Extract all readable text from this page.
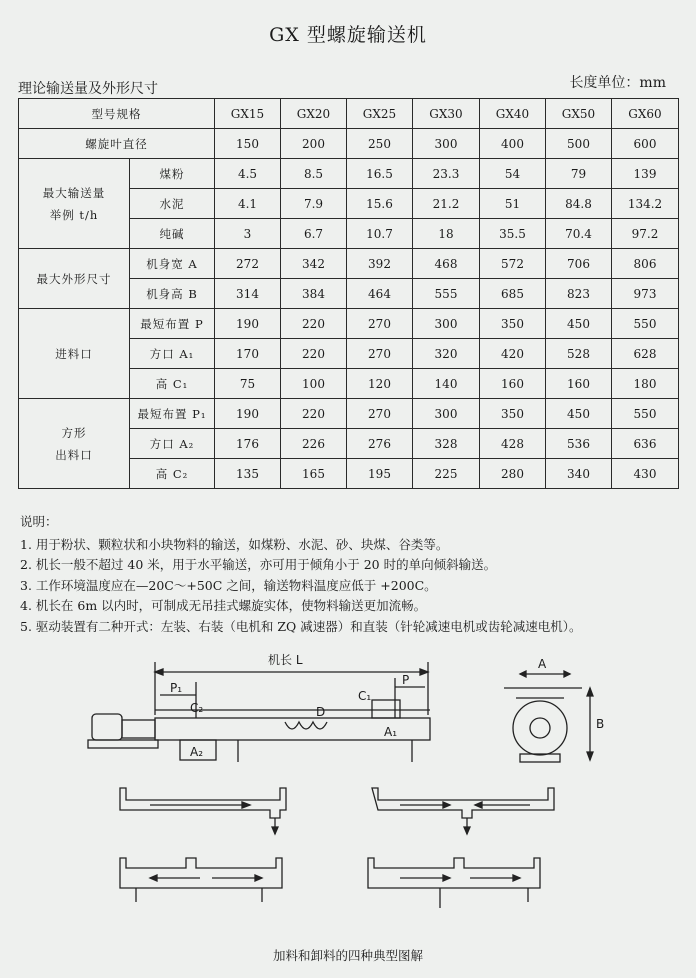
GX 型螺旋输送机
理论输送量及外形尺寸	长度单位：mm
型号规格		GX15	GX20	GX25	GX30	GX40	GX50	GX60
螺旋叶直径		150	200	250	300	400	500	600

最大输送量
举例 t/h	煤粉	4.5	8.5	16.5	23.3	54	79	139
	水泥	4.1	7.9	15.6	21.2	51	84.8	134.2
	纯碱	3	6.7	10.7	18	35.5	70.4	97.2

最大外形尺寸	机身宽 A	272	342	392	468	572	706	806
	机身高 B	314	384	464	555	685	823	973

进料口	最短布置 P	190	220	270	300	350	450	550
	方口 A₁	170	220	270	320	420	528	628
	高 C₁	75	100	120	140	160	160	180

方形
出料口	最短布置 P₁	190	220	270	300	350	450	550
	方口 A₂	176	226	276	328	428	536	636
	高 C₂	135	165	195	225	280	340	430
说明：
1. 用于粉状、颗粒状和小块物料的输送，如煤粉、水泥、砂、块煤、谷类等。
2. 机长一般不超过 40 米，用于水平输送，亦可用于倾角小于 20 时的单向倾斜输送。
3. 工作环境温度应在—20C～+50C 之间，输送物料温度应低于 +200C。
4. 机长在 6m 以内时，可制成无吊挂式螺旋实体，使物料输送更加流畅。
5. 驱动装置有二种开式：左装、右装（电机和 ZQ 减速器）和直装（针轮减速电机或齿轮减速电机）。
机长 L
P₁
P
C₂
C₁
A₁
A₂
D
A
B
加料和卸料的四种典型图解
